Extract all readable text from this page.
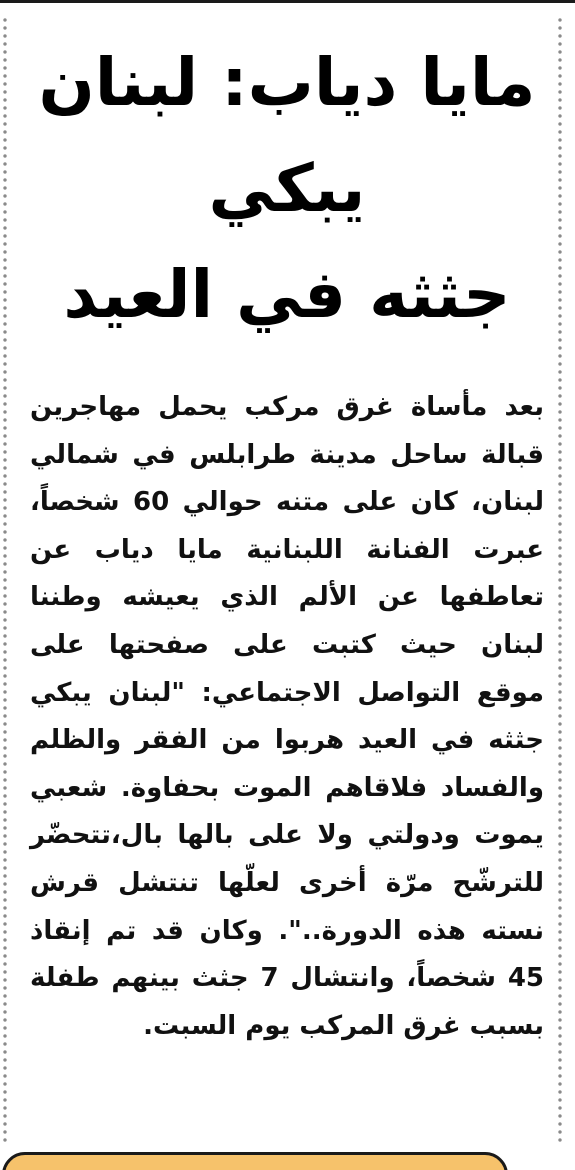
مايا دياب: لبنان يبكي
جثثه في العيد

بعد مأساة غرق مركب يحمل مهاجرين قبالة ساحل مدينة طرابلس في شمالي لبنان، كان على متنه حوالي 60 شخصاً، عبرت الفنانة اللبنانية مايا دياب عن تعاطفها عن الألم الذي يعيشه وطننا لبنان حيث كتبت على صفحتها على موقع التواصل الاجتماعي: "لبنان يبكي جثثه في العيد هربوا من الفقر والظلم والفساد فلاقاهم الموت بحفاوة. شعبي يموت ودولتي ولا على بالها بال،تتحضّر للترشّح مرّة أخرى لعلّها تنتشل قرش نسته هذه الدورة..". وكان قد تم إنقاذ 45 شخصاً، وانتشال 7 جثث بينهم طفلة بسبب غرق المركب يوم السبت.
